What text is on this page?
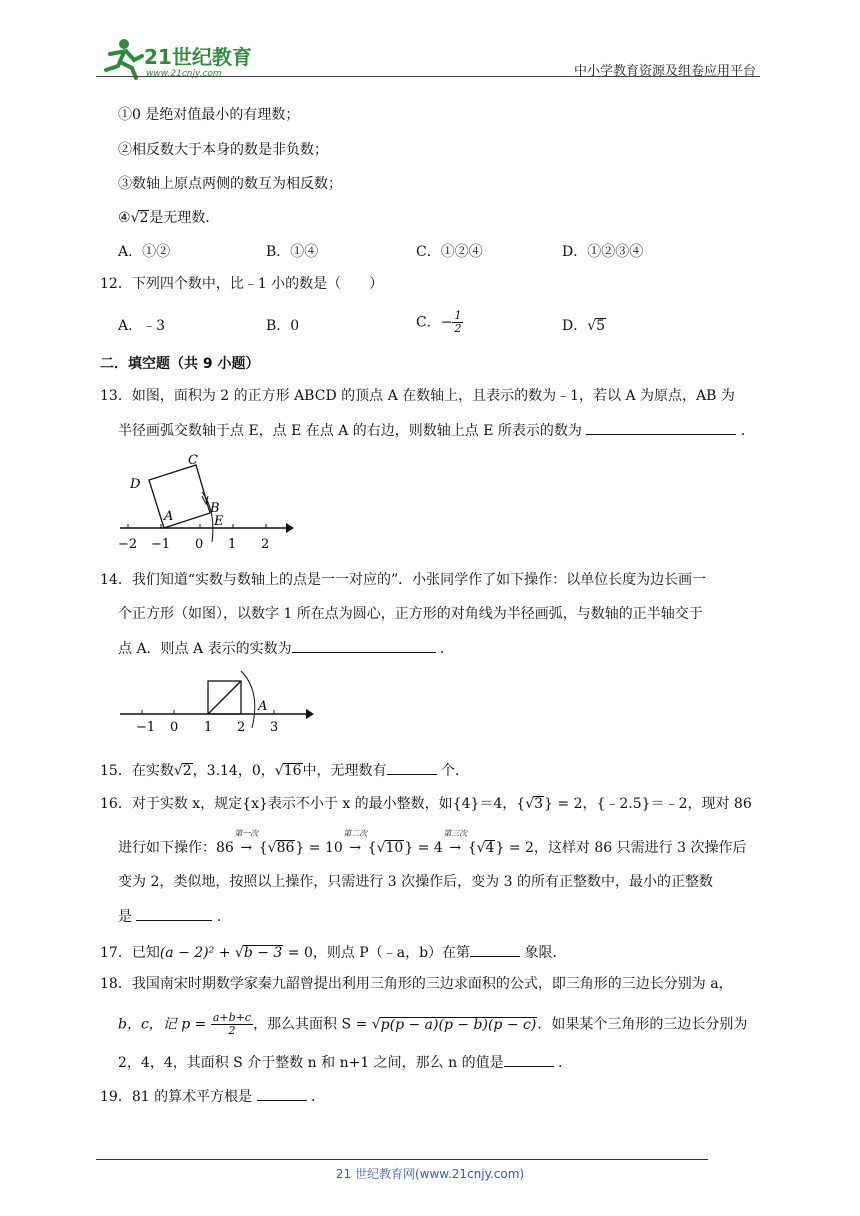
21世纪教育
www.21cnjy.com	中小学教育资源及组卷应用平台
①0 是绝对值最小的有理数；
②相反数大于本身的数是非负数；
③数轴上原点两侧的数互为相反数；
④√2是无理数．
A．①②	B．①④	C．①②④	D．①②③④
12．下列四个数中，比﹣1 小的数是（　　）
A．﹣3	B．0	C．− $\frac{1}{2}$	D．√5
二．填空题（共 9 小题）
13．如图，面积为 2 的正方形 ABCD 的顶点 A 在数轴上，且表示的数为﹣1，若以 A 为原点，AB 为
半径画弧交数轴于点 E，点 E 在点 A 的右边，则数轴上点 E 所表示的数为	．
D
C
B
A	E
−2 −1 0 1 2
14．我们知道“实数与数轴上的点是一一对应的”．小张同学作了如下操作：以单位长度为边长画一
个正方形（如图），以数字 1 所在点为圆心，正方形的对角线为半径画弧，与数轴的正半轴交于
点 A．则点 A 表示的实数为	．
A
−1 0 1 2 3
15．在实数√2，3.14，0，√16中，无理数有	个．
16．对于实数 x，规定{x}表示不小于 x 的最小整数，如{4}＝4，{√3} = 2，{﹣2.5}＝﹣2，现对 86
进行如下操作：86 →
第一次
{√86} = 10 →
第二次
{√10} = 4 →
第三次
{√4} = 2，这样对 86 只需进行 3 次操作后
变为 2，类似地，按照以上操作，只需进行 3 次操作后，变为 3 的所有正整数中，最小的正整数
是	．
17．已知(a − 2)² + √b − 3 = 0，则点 P（﹣a，b）在第	象限．
18．我国南宋时期数学家秦九韶曾提出利用三角形的三边求面积的公式，即三角形的三边长分别为 a，
b，c，记 $p = \frac{a+b+c}{2}$ ，那么其面积 S = √p(p − a)(p − b)(p − c)．如果某个三角形的三边长分别为
2，4，4，其面积 S 介于整数 n 和 n+1 之间，那么 n 的值是	．
19．81 的算术平方根是	．
21 世纪教育网(www.21cnjy.com)
